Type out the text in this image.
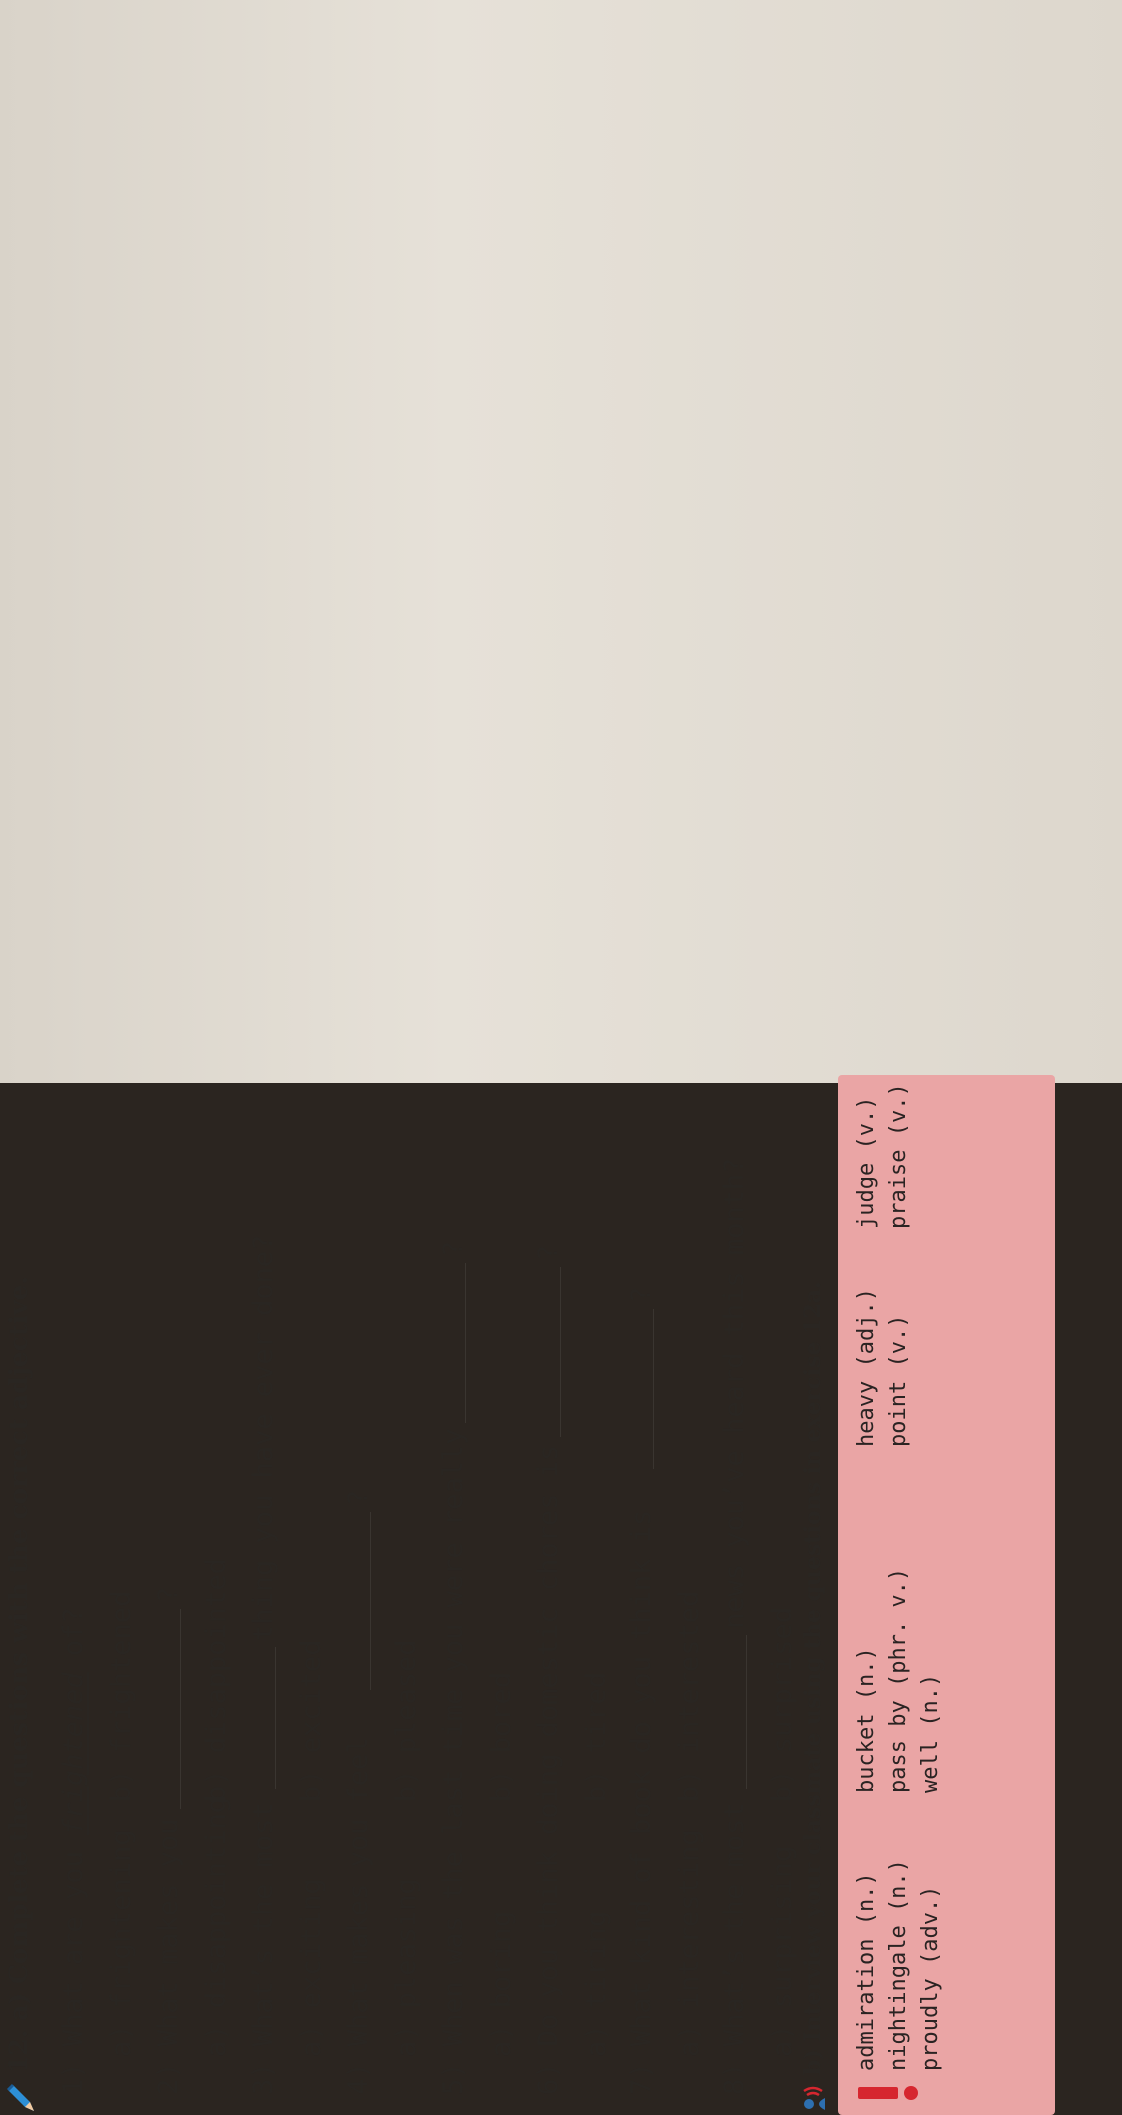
12. a) Complete the questions with the correct adjective. 1) What are you frightened of?
a) frightening
b) frightened
2) What makes you
?
a) disappointing
b) disappointed
3) What’s the most
thing you have ever done?
a) exciting
b) excited
4) What makes you feel
?
a) pleasing
b) pleased 5) When was the last time you were really
?
a) boring
b) bored 6) Do you think doing domestic chores is
?
a) tiring
b) tired 7) What kind of book do you think is
?
a) interesting
b) interested
8) What’s the most
news you’ve heard this month?
a) surprising
b) surprised b) Interview your classmate using the questions in exercise 12a. admiration (n.) nightingale (n.) proudly (adv.)
bucket (n.) pass by (phr. v.) well (n.)
heavy (adj.) point (v.)
judge (v.) praise (v.)
